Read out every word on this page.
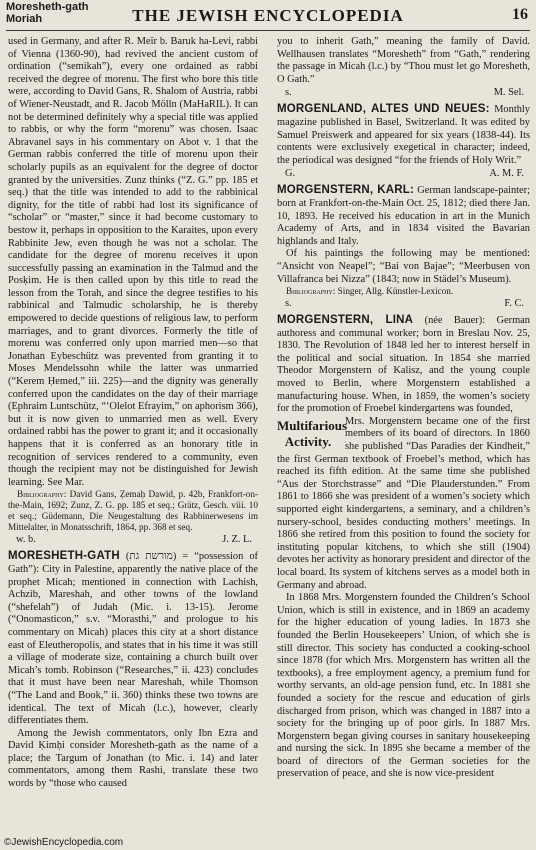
Moresheth-gath
Moriah	THE JEWISH ENCYCLOPEDIA	16

used in Germany, and after R. Meïr b. Baruk ha-Levi, rabbi of Vienna (1360-90), had revived the ancient custom of ordination (“semikah”), every one ordained as rabbi received the degree of morenu. The first who bore this title were, according to David Gans, R. Shalom of Austria, rabbi of Wiener-Neustadt, and R. Jacob Mölln (MaHaRIL). It can not be determined definitely why a special title was applied to rabbis, or why the form “morenu” was chosen. Isaac Abravanel says in his commentary on Abot v. 1 that the German rabbis conferred the title of morenu upon their scholarly pupils as an equivalent for the degree of doctor granted by the universities. Zunz thinks (“Z. G.” pp. 185 et seq.) that the title was intended to add to the rabbinical dignity, for the title of rabbi had lost its significance of “scholar” or “master,” since it had become customary to bestow it, perhaps in opposition to the Karaites, upon every Rabbinite Jew, even though he was not a scholar. The candidate for the degree of morenu receives it upon successfully passing an examination in the Talmud and the Posḳim. He is then called upon by this title to read the lesson from the Torah, and since the degree testifies to his rabbinical and Talmudic scholarship, he is thereby empowered to decide questions of religious law, to perform marriages, and to grant divorces. Formerly the title of morenu was conferred only upon married men—so that Jonathan Eybeschütz was prevented from granting it to Moses Mendelssohn while the latter was unmarried (“Kerem Ḥemed,” iii. 225)—and the dignity was generally conferred upon the candidates on the day of their marriage (Ephraim Luntschütz, “‘Olelot Efrayim,” on aphorism 366), but it is now given to unmarried men as well. Every ordained rabbi has the power to grant it; and it occasionally happens that it is conferred as an honorary title in recognition of services rendered to a community, even though the recipient may not be distinguished for Jewish learning. See Mar.

Bibliography: David Gans, Ẓemaḥ Dawid, p. 42b, Frankfort-on-the-Main, 1692; Zunz, Z. G. pp. 185 et seq.; Grätz, Gesch. viii. 10 et seq.; Güdemann, Die Neugestaltung des Rabbinerwesens im Mittelalter, in Monatsschrift, 1864, pp. 368 et seq.

w. b.	J. Z. L.

MORESHETH-GATH (מורשת גת) = “possession of Gath”): City in Palestine, apparently the native place of the prophet Micah; mentioned in connection with Lachish, Achzib, Mareshah, and other towns of the lowland (“shefelah”) of Judah (Mic. i. 13-15). Jerome (“Onomasticon,” s.v. “Morasthi,” and prologue to his commentary on Micah) places this city at a short distance east of Eleutheropolis, and states that in his time it was still a village of moderate size, containing a church built over Micah’s tomb. Robinson (“Researches,” ii. 423) concludes that it must have been near Mareshah, while Thomson (“The Land and Book,” ii. 360) thinks these two towns are identical. The text of Micah (l.c.), however, clearly differentiates them.

Among the Jewish commentators, only Ibn Ezra and David Ḳimḥi consider Moresheth-gath as the name of a place; the Targum of Jonathan (to Mic. i. 14) and later commentators, among them Rashi, translate these two words by “those who caused

you to inherit Gath,” meaning the family of David. Wellhausen translates “Moresheth” from “Gath,” rendering the passage in Micah (l.c.) by “Thou must let go Moresheth, O Gath.”

s.	M. Sel.

MORGENLAND, ALTES UND NEUES: Monthly magazine published in Basel, Switzerland. It was edited by Samuel Preiswerk and appeared for six years (1838-44). Its contents were exclusively exegetical in character; indeed, the periodical was designed “for the friends of Holy Writ.”

G.	A. M. F.

MORGENSTERN, KARL: German landscape-painter; born at Frankfort-on-the-Main Oct. 25, 1812; died there Jan. 10, 1893. He received his education in art in the Munich Academy of Arts, and in 1834 visited the Bavarian highlands and Italy.

Of his paintings the following may be mentioned: “Ansicht von Neapel”; “Bai von Bajae”; “Meerbusen von Villafranca bei Nizza” (1843; now in Städel’s Museum).

Bibliography: Singer, Allg. Künstler-Lexicon.

s.	F. C.

MORGENSTERN, LINA (née Bauer): German authoress and communal worker; born in Breslau Nov. 25, 1830. The Revolution of 1848 led her to interest herself in the political and social situation. In 1854 she married Theodor Morgenstern of Kalisz, and the young couple moved to Berlin, where Morgenstern established a manufacturing house. When, in 1859, the women’s society for the promotion of Froebel kindergartens was founded,

Multifarious Activity.

Mrs. Morgenstern became one of the first members of its board of directors. In 1860 she published “Das Paradies der Kindheit,” the first German textbook of Froebel’s method, which has reached its fifth edition. At the same time she published “Aus der Storchstrasse” and “Die Plauderstunden.” From 1861 to 1866 she was president of a women’s society which supported eight kindergartens, a seminary, and a children’s nursery-school, besides conducting mothers’ meetings. In 1866 she retired from this position to found the society for instituting popular kitchens, to which she still (1904) devotes her activity as honorary president and director of the local board. Its system of kitchens serves as a model both in Germany and abroad.

In 1868 Mrs. Morgenstern founded the Children’s School Union, which is still in existence, and in 1869 an academy for the higher education of young ladies. In 1873 she founded the Berlin Housekeepers’ Union, of which she is still director. This society has conducted a cooking-school since 1878 (for which Mrs. Morgenstern has written all the textbooks), a free employment agency, a premium fund for worthy servants, an old-age pension fund, etc. In 1881 she founded a society for the rescue and education of girls discharged from prison, which was changed in 1887 into a society for the bringing up of poor girls. In 1887 Mrs. Morgenstern began giving courses in sanitary housekeeping and nursing the sick. In 1895 she became a member of the board of directors of the German societies for the preservation of peace, and she is now vice-president

©JewishEncyclopedia.com
